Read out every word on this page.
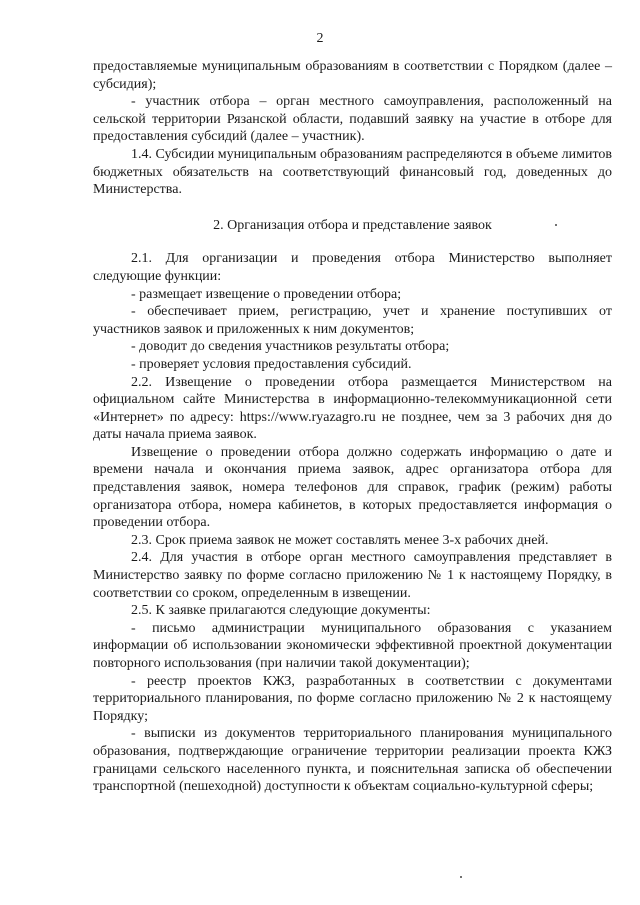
2

предоставляемые муниципальным образованиям в соответствии с Порядком (далее – субсидия);

- участник отбора – орган местного самоуправления, расположенный на сельской территории Рязанской области, подавший заявку на участие в отборе для предоставления субсидий (далее – участник).

1.4. Субсидии муниципальным образованиям распределяются в объеме лимитов бюджетных обязательств на соответствующий финансовый год, доведенных до Министерства.

2. Организация отбора и представление заявок

2.1. Для организации и проведения отбора Министерство выполняет следующие функции:

- размещает извещение о проведении отбора;

- обеспечивает прием, регистрацию, учет и хранение поступивших от участников заявок и приложенных к ним документов;

- доводит до сведения участников результаты отбора;

- проверяет условия предоставления субсидий.

2.2. Извещение о проведении отбора размещается Министерством на официальном сайте Министерства в информационно-телекоммуникационной сети «Интернет» по адресу: https://www.ryazagro.ru не позднее, чем за 3 рабочих дня до даты начала приема заявок.

Извещение о проведении отбора должно содержать информацию о дате и времени начала и окончания приема заявок, адрес организатора отбора для представления заявок, номера телефонов для справок, график (режим) работы организатора отбора, номера кабинетов, в которых предоставляется информация о проведении отбора.

2.3. Срок приема заявок не может составлять менее 3-х рабочих дней.

2.4. Для участия в отборе орган местного самоуправления представляет в Министерство заявку по форме согласно приложению № 1 к настоящему Порядку, в соответствии со сроком, определенным в извещении.

2.5. К заявке прилагаются следующие документы:

- письмо администрации муниципального образования с указанием информации об использовании экономически эффективной проектной документации повторного использования (при наличии такой документации);

- реестр проектов КЖЗ, разработанных в соответствии с документами территориального планирования, по форме согласно приложению № 2 к настоящему Порядку;

- выписки из документов территориального планирования муниципального образования, подтверждающие ограничение территории реализации проекта КЖЗ границами сельского населенного пункта, и пояснительная записка об обеспечении транспортной (пешеходной) доступности к объектам социально-культурной сферы;
